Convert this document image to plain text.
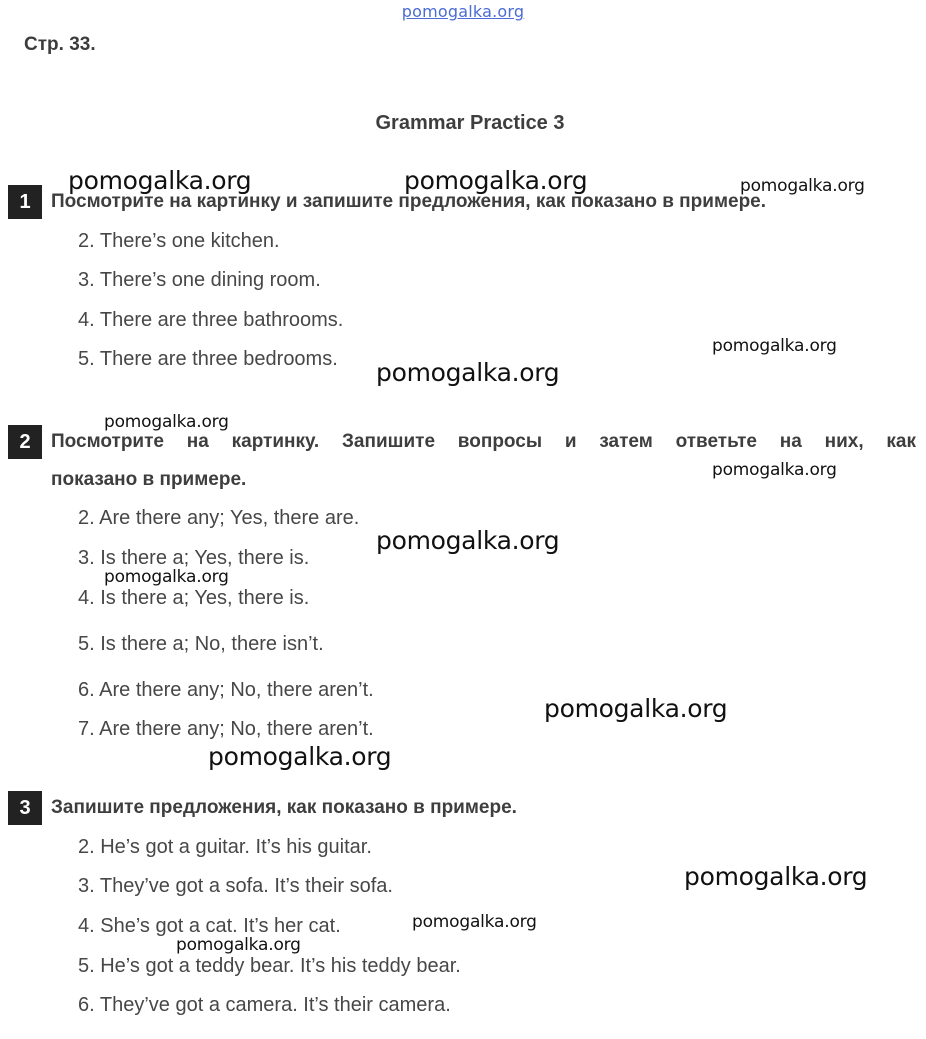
pomogalka.org
Стр. 33.
Grammar Practice 3
1	Посмотрите на картинку и запишите предложения, как показано в примере.
2. There’s one kitchen.
3. There’s one dining room.
4. There are three bathrooms.
5. There are three bedrooms.
2	Посмотрите на картинку. Запишите вопросы и затем ответьте на них, как
показано в примере.
2. Are there any; Yes, there are.
3. Is there a; Yes, there is.
4. Is there a; Yes, there is.
5. Is there a; No, there isn’t.
6. Are there any; No, there aren’t.
7. Are there any; No, there aren’t.
3	Запишите предложения, как показано в примере.
2. He’s got a guitar. It’s his guitar.
3. They’ve got a sofa. It’s their sofa.
4. She’s got a cat. It’s her cat.
5. He’s got a teddy bear. It’s his teddy bear.
6. They’ve got a camera. It’s their camera.
pomogalka.org	pomogalka.org	pomogalka.org
pomogalka.org
pomogalka.org
pomogalka.org
pomogalka.org
pomogalka.org
pomogalka.org
pomogalka.org
pomogalka.org
pomogalka.org
pomogalka.org
pomogalka.org
